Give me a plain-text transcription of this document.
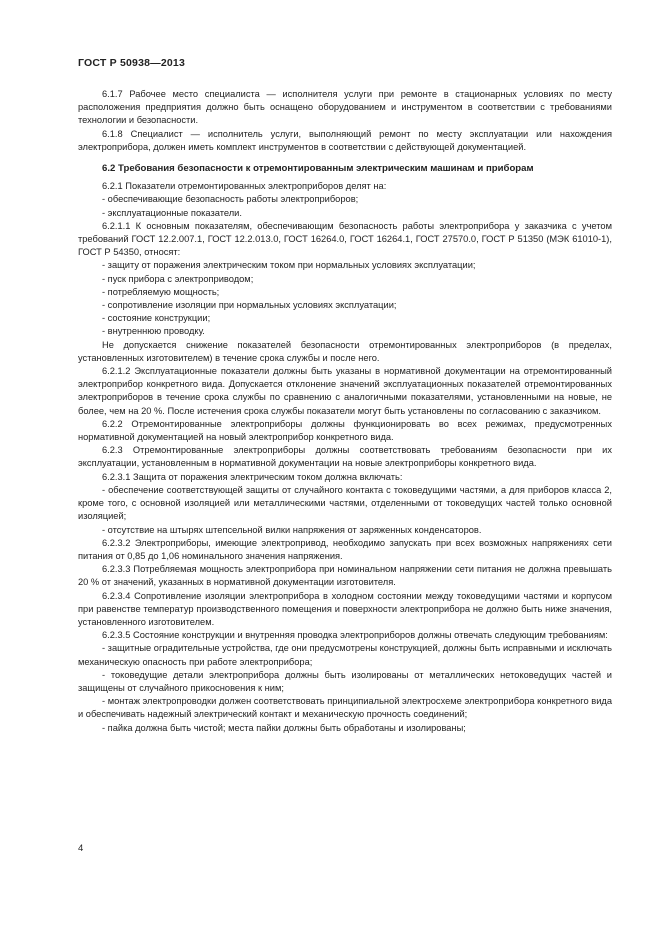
ГОСТ Р 50938—2013

6.1.7 Рабочее место специалиста — исполнителя услуги при ремонте в стационарных условиях по месту расположения предприятия должно быть оснащено оборудованием и инструментом в соответствии с требованиями технологии и безопасности.

6.1.8 Специалист — исполнитель услуги, выполняющий ремонт по месту эксплуатации или нахождения электроприбора, должен иметь комплект инструментов в соответствии с действующей документацией.

6.2 Требования безопасности к отремонтированным электрическим машинам и приборам

6.2.1 Показатели отремонтированных электроприборов делят на:

- обеспечивающие безопасность работы электроприборов;

- эксплуатационные показатели.

6.2.1.1 К основным показателям, обеспечивающим безопасность работы электроприбора у заказчика с учетом требований ГОСТ 12.2.007.1, ГОСТ 12.2.013.0, ГОСТ 16264.0, ГОСТ 16264.1, ГОСТ 27570.0, ГОСТ Р 51350 (МЭК 61010-1), ГОСТ Р 54350, относят:

- защиту от поражения электрическим током при нормальных условиях эксплуатации;

- пуск прибора с электроприводом;

- потребляемую мощность;

- сопротивление изоляции при нормальных условиях эксплуатации;

- состояние конструкции;

- внутреннюю проводку.

Не допускается снижение показателей безопасности отремонтированных электроприборов (в пределах, установленных изготовителем) в течение срока службы и после него.

6.2.1.2 Эксплуатационные показатели должны быть указаны в нормативной документации на отремонтированный электроприбор конкретного вида. Допускается отклонение значений эксплуатационных показателей отремонтированных электроприборов в течение срока службы по сравнению с аналогичными показателями, установленными на новые, не более, чем на 20 %. После истечения срока службы показатели могут быть установлены по согласованию с заказчиком.

6.2.2 Отремонтированные электроприборы должны функционировать во всех режимах, предусмотренных нормативной документацией на новый электроприбор конкретного вида.

6.2.3 Отремонтированные электроприборы должны соответствовать требованиям безопасности при их эксплуатации, установленным в нормативной документации на новые электроприборы конкретного вида.

6.2.3.1 Защита от поражения электрическим током должна включать:

- обеспечение соответствующей защиты от случайного контакта с токоведущими частями, а для приборов класса 2, кроме того, с основной изоляцией или металлическими частями, отделенными от токоведущих частей только основной изоляцией;

- отсутствие на штырях штепсельной вилки напряжения от заряженных конденсаторов.

6.2.3.2 Электроприборы, имеющие электропривод, необходимо запускать при всех возможных напряжениях сети питания от 0,85 до 1,06 номинального значения напряжения.

6.2.3.3 Потребляемая мощность электроприбора при номинальном напряжении сети питания не должна превышать 20 % от значений, указанных в нормативной документации изготовителя.

6.2.3.4 Сопротивление изоляции электроприбора в холодном состоянии между токоведущими частями и корпусом при равенстве температур производственного помещения и поверхности электроприбора не должно быть ниже значения, установленного изготовителем.

6.2.3.5 Состояние конструкции и внутренняя проводка электроприборов должны отвечать следующим требованиям:

- защитные оградительные устройства, где они предусмотрены конструкцией, должны быть исправными и исключать механическую опасность при работе электроприбора;

- токоведущие детали электроприбора должны быть изолированы от металлических нетоковедущих частей и защищены от случайного прикосновения к ним;

- монтаж электропроводки должен соответствовать принципиальной электросхеме электроприбора конкретного вида и обеспечивать надежный электрический контакт и механическую прочность соединений;

- пайка должна быть чистой; места пайки должны быть обработаны и изолированы;

4
